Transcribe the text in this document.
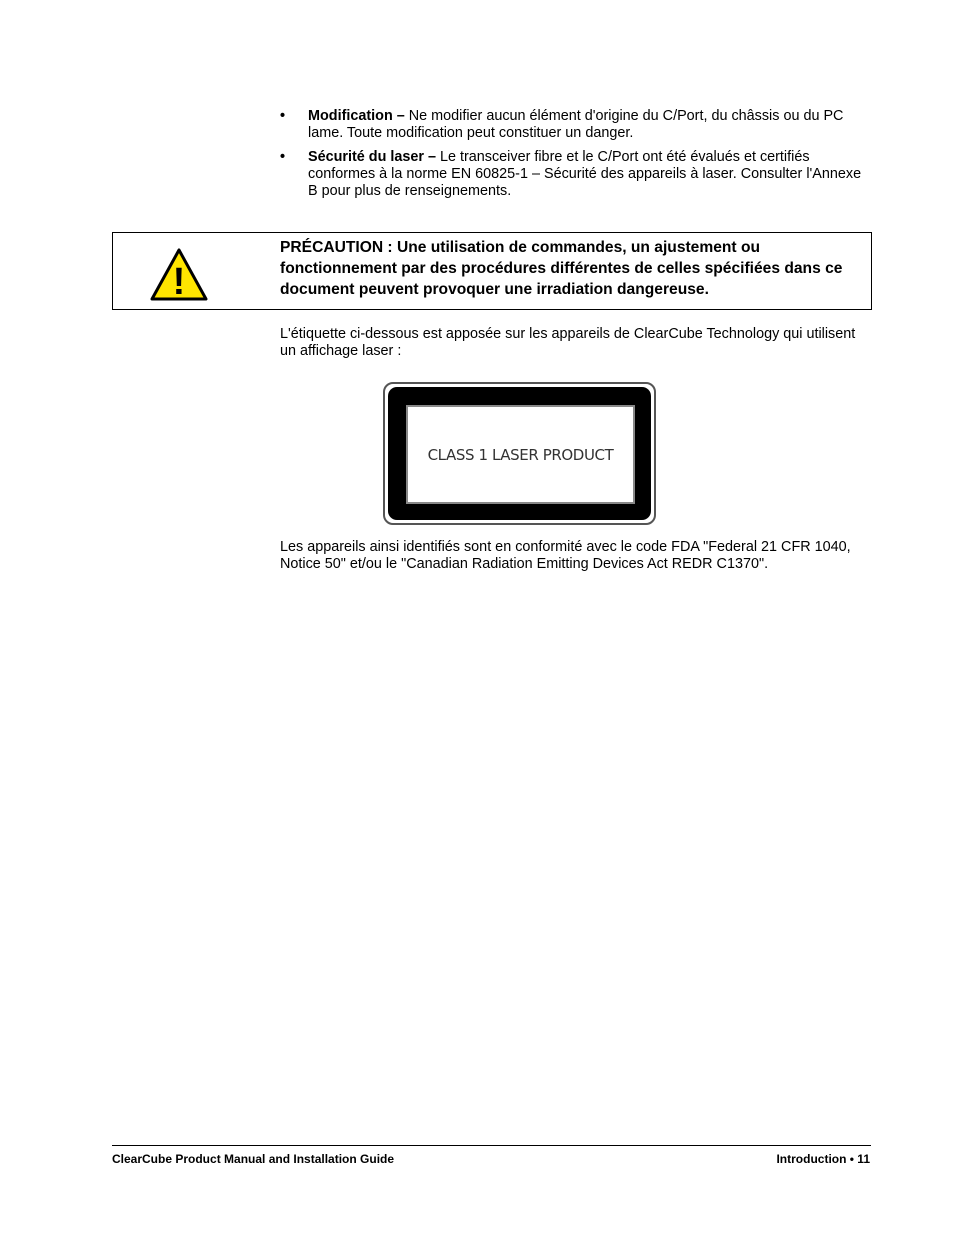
• Modification – Ne modifier aucun élément d'origine du C/Port, du châssis ou du PC lame. Toute modification peut constituer un danger.
• Sécurité du laser – Le transceiver fibre et le C/Port ont été évalués et certifiés conformes à la norme EN 60825-1 – Sécurité des appareils à laser. Consulter l'Annexe B pour plus de renseignements.
!
PRÉCAUTION : Une utilisation de commandes, un ajustement ou fonctionnement par des procédures différentes de celles spécifiées dans ce document peuvent provoquer une irradiation dangereuse.

L'étiquette ci-dessous est apposée sur les appareils de ClearCube Technology qui utilisent un affichage laser :

CLASS 1 LASER PRODUCT

Les appareils ainsi identifiés sont en conformité avec le code FDA "Federal 21 CFR 1040, Notice 50" et/ou le "Canadian Radiation Emitting Devices Act REDR C1370".

ClearCube Product Manual and Installation Guide	Introduction • 11
